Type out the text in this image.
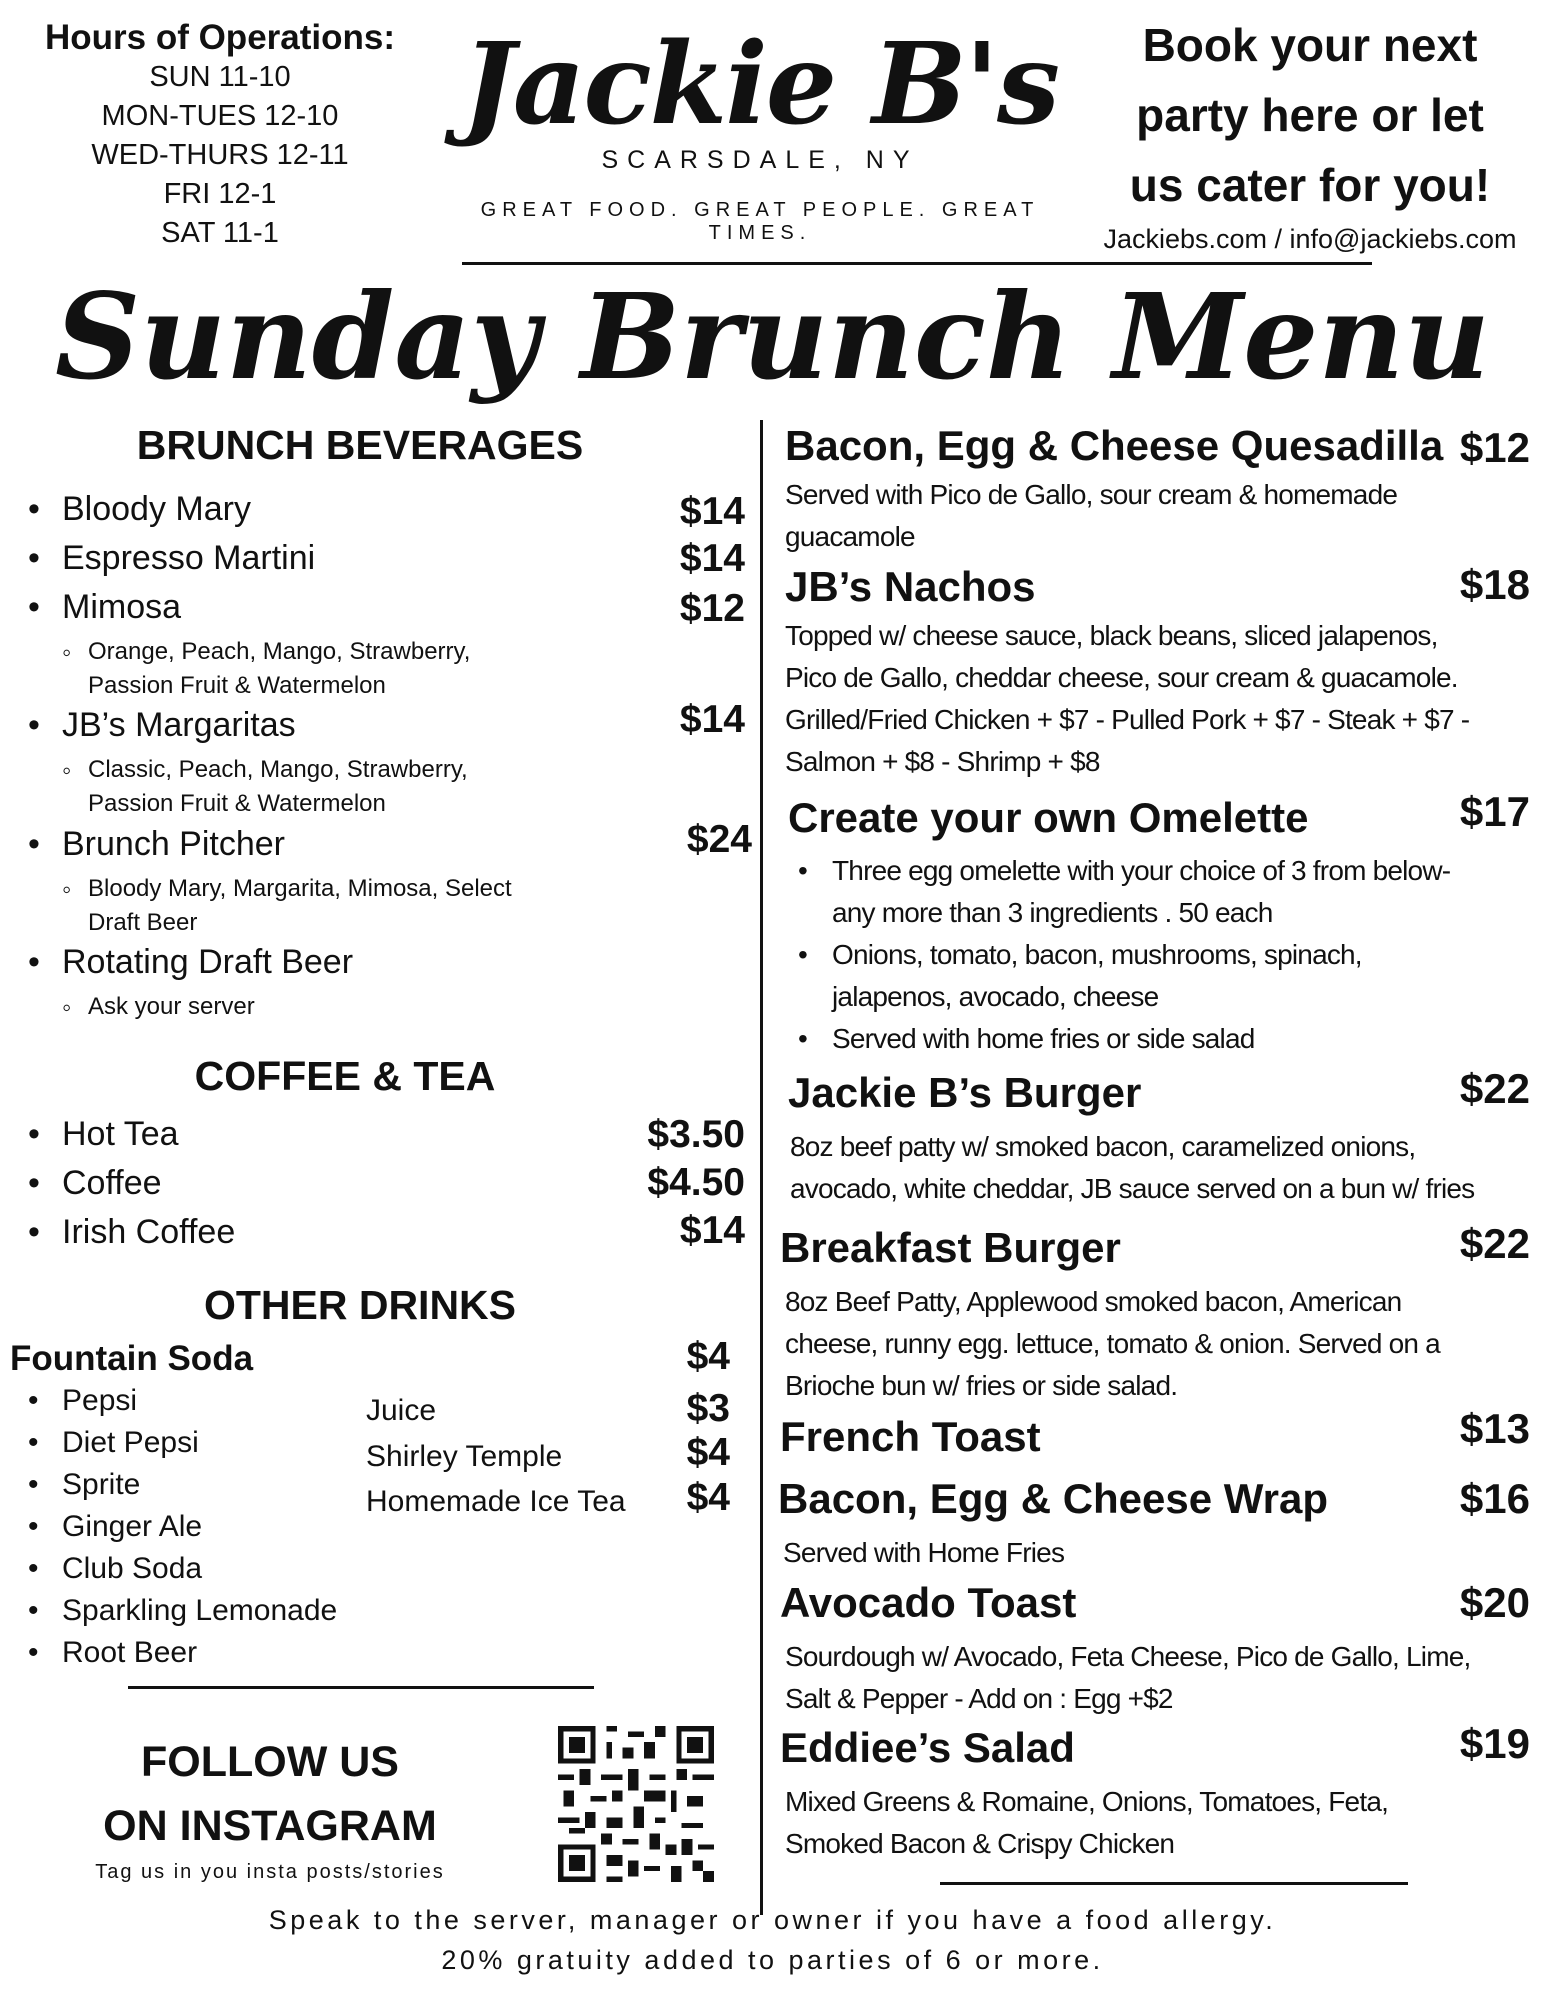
Hours of Operations:
SUN 11-10
MON-TUES 12-10
WED-THURS 12-11
FRI 12-1
SAT 11-1
Jackie B's
SCARSDALE, NY
GREAT FOOD. GREAT PEOPLE. GREAT TIMES.
Book your next
party here or let
us cater for you!
Jackiebs.com / info@jackiebs.com
Sunday Brunch Menu
BRUNCH BEVERAGES
• Bloody Mary	$14
• Espresso Martini	$14
• Mimosa	$12
◦ Orange, Peach, Mango, Strawberry,
Passion Fruit & Watermelon
• JB’s Margaritas	$14
◦ Classic, Peach, Mango, Strawberry,
Passion Fruit & Watermelon
• Brunch Pitcher	$24
◦ Bloody Mary, Margarita, Mimosa, Select
Draft Beer
• Rotating Draft Beer
◦ Ask your server
COFFEE & TEA
• Hot Tea	$3.50
• Coffee	$4.50
• Irish Coffee	$14
OTHER DRINKS
Fountain Soda	$4
• Pepsi
• Diet Pepsi
• Sprite
• Ginger Ale
• Club Soda
• Sparkling Lemonade
• Root Beer
Juice	$3
Shirley Temple	$4
Homemade Ice Tea	$4
FOLLOW US
ON INSTAGRAM
Tag us in you insta posts/stories
Bacon, Egg & Cheese Quesadilla $12
Served with Pico de Gallo, sour cream & homemade
guacamole
JB’s Nachos	$18
Topped w/ cheese sauce, black beans, sliced jalapenos,
Pico de Gallo, cheddar cheese, sour cream & guacamole.
Grilled/Fried Chicken + $7 - Pulled Pork + $7 - Steak + $7 -
Salmon + $8 - Shrimp + $8
Create your own Omelette	$17
• Three egg omelette with your choice of 3 from below-
any more than 3 ingredients . 50 each
• Onions, tomato, bacon, mushrooms, spinach,
jalapenos, avocado, cheese
• Served with home fries or side salad
Jackie B’s Burger	$22
8oz beef patty w/ smoked bacon, caramelized onions,
avocado, white cheddar, JB sauce served on a bun w/ fries
Breakfast Burger	$22
8oz Beef Patty, Applewood smoked bacon, American
cheese, runny egg. lettuce, tomato & onion. Served on a
Brioche bun w/ fries or side salad.
French Toast	$13
Bacon, Egg & Cheese Wrap	$16
Served with Home Fries
Avocado Toast	$20
Sourdough w/ Avocado, Feta Cheese, Pico de Gallo, Lime,
Salt & Pepper - Add on : Egg +$2
Eddiee’s Salad	$19
Mixed Greens & Romaine, Onions, Tomatoes, Feta,
Smoked Bacon & Crispy Chicken
Speak to the server, manager or owner if you have a food allergy.
20% gratuity added to parties of 6 or more.
